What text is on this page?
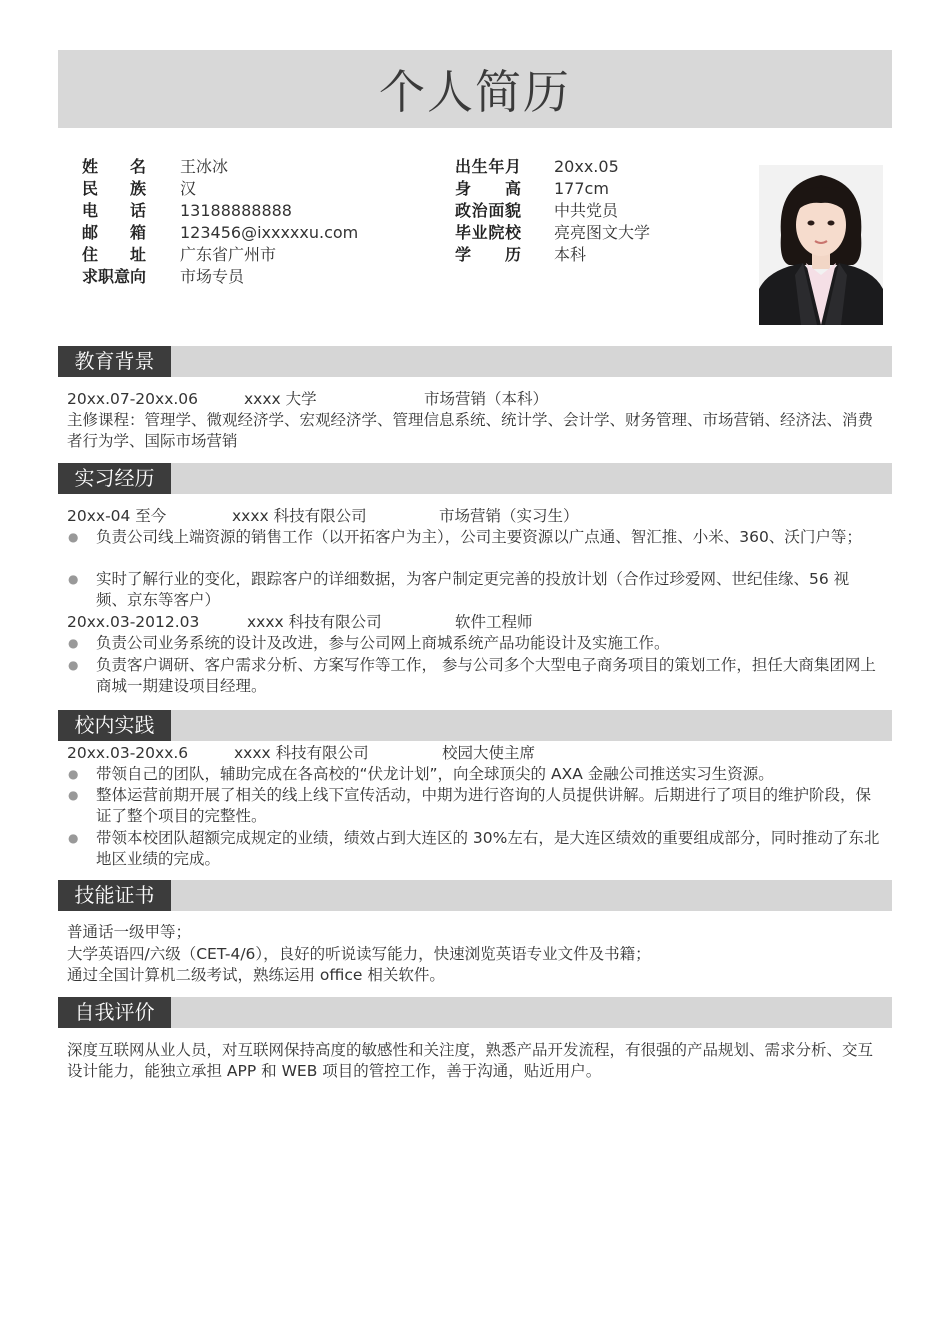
个人简历
姓名 王冰冰
民族 汉
电话 13188888888
邮箱 123456@ixxxxxu.com
住址 广东省广州市
求职意向 市场专员
出生年月 20xx.05
身高 177cm
政治面貌 中共党员
毕业院校 亮亮图文大学
学历 本科
教育背景
20xx.07-20xx.06	xxxx 大学	市场营销（本科）
主修课程：管理学、微观经济学、宏观经济学、管理信息系统、统计学、会计学、财务管理、市场营销、经济法、消费者行为学、国际市场营销
实习经历
20xx-04 至今	xxxx 科技有限公司	市场营销（实习生）
● 负责公司线上端资源的销售工作（以开拓客户为主），公司主要资源以广点通、智汇推、小米、360、沃门户等；
● 实时了解行业的变化，跟踪客户的详细数据，为客户制定更完善的投放计划（合作过珍爱网、世纪佳缘、56 视频、京东等客户）
20xx.03-2012.03	xxxx 科技有限公司	软件工程师
● 负责公司业务系统的设计及改进，参与公司网上商城系统产品功能设计及实施工作。
● 负责客户调研、客户需求分析、方案写作等工作， 参与公司多个大型电子商务项目的策划工作，担任大商集团网上商城一期建设项目经理。
校内实践
20xx.03-20xx.6	xxxx 科技有限公司	校园大使主席
● 带领自己的团队，辅助完成在各高校的“伏龙计划”，向全球顶尖的 AXA 金融公司推送实习生资源。
● 整体运营前期开展了相关的线上线下宣传活动，中期为进行咨询的人员提供讲解。后期进行了项目的维护阶段，保证了整个项目的完整性。
● 带领本校团队超额完成规定的业绩，绩效占到大连区的 30%左右，是大连区绩效的重要组成部分，同时推动了东北地区业绩的完成。
技能证书
普通话一级甲等；
大学英语四/六级（CET-4/6），良好的听说读写能力，快速浏览英语专业文件及书籍；
通过全国计算机二级考试，熟练运用 office 相关软件。
自我评价
深度互联网从业人员，对互联网保持高度的敏感性和关注度，熟悉产品开发流程，有很强的产品规划、需求分析、交互设计能力，能独立承担 APP 和 WEB 项目的管控工作，善于沟通，贴近用户。
